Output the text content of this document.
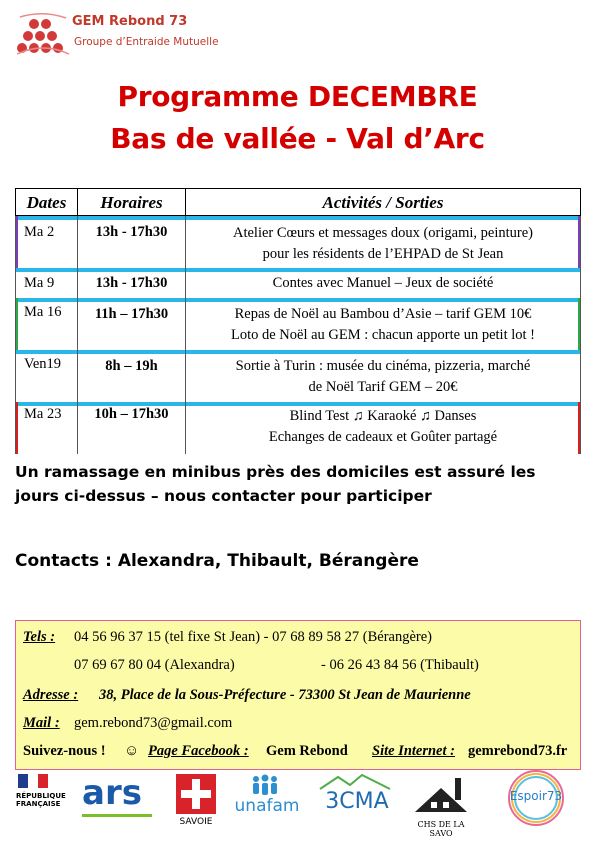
GEM Rebond 73
Groupe d’Entraide Mutuelle
Programme DECEMBRE
Bas de vallée - Val d’Arc
Dates	Horaires	Activités / Sorties
Ma 2	13h - 17h30	Atelier Cœurs et messages doux (origami, peinture)
pour les résidents de l’EHPAD de St Jean
Ma 9	13h - 17h30	Contes avec Manuel – Jeux de société
Ma 16	11h – 17h30	Repas de Noël au Bambou d’Asie – tarif GEM 10€
Loto de Noël au GEM : chacun apporte un petit lot !
Ven19	8h – 19h	Sortie à Turin : musée du cinéma, pizzeria, marché
de Noël Tarif GEM – 20€
Ma 23	10h – 17h30	Blind Test ♫ Karaoké ♫ Danses
Echanges de cadeaux et Goûter partagé
Un ramassage en minibus près des domiciles est assuré les jours ci-dessus – nous contacter pour participer
Contacts : Alexandra, Thibault, Bérangère
Tels : 04 56 96 37 15 (tel fixe St Jean) - 07 68 89 58 27 (Bérangère)
07 69 67 80 04 (Alexandra)	- 06 26 43 84 56 (Thibault)
Adresse : 38, Place de la Sous-Préfecture - 73300 St Jean de Maurienne
Mail : gem.rebond73@gmail.com
Suivez-nous ! ☺ Page Facebook : Gem Rebond Site Internet : gemrebond73.fr
RÉPUBLIQUE FRANÇAISE ars
SAVOIE
unafam	3CMA
CHS DE LA SAVO
Espoir73
